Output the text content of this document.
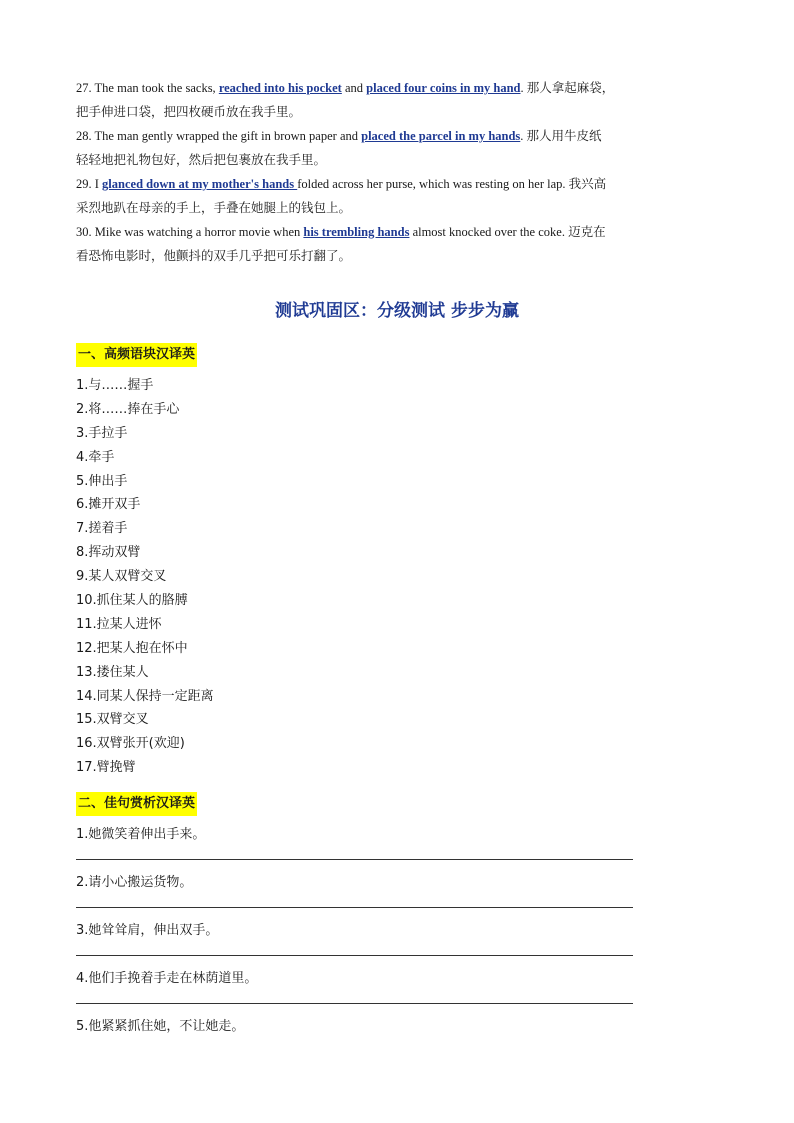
27. The man took the sacks, reached into his pocket and placed four coins in my hand. 那人拿起麻袋，
把手伸进口袋，把四枚硬币放在我手里。
28. The man gently wrapped the gift in brown paper and placed the parcel in my hands. 那人用牛皮纸
轻轻地把礼物包好，然后把包裹放在我手里。
29. I glanced down at my mother's hands folded across her purse, which was resting on her lap. 我兴高
采烈地趴在母亲的手上，手叠在她腿上的钱包上。
30. Mike was watching a horror movie when his trembling hands almost knocked over the coke. 迈克在
看恐怖电影时，他颤抖的双手几乎把可乐打翻了。
测试巩固区：分级测试 步步为赢
一、高频语块汉译英
1.与……握手
2.将……捧在手心
3.手拉手
4.牵手
5.伸出手
6.摊开双手
7.搓着手
8.挥动双臂
9.某人双臂交叉
10.抓住某人的胳膊
11.拉某人进怀
12.把某人抱在怀中
13.搂住某人
14.同某人保持一定距离
15.双臂交叉
16.双臂张开(欢迎)
17.臂挽臂
二、佳句赏析汉译英
1.她微笑着伸出手来。
2.请小心搬运货物。
3.她耸耸肩，伸出双手。
4.他们手挽着手走在林荫道里。
5.他紧紧抓住她，不让她走。
